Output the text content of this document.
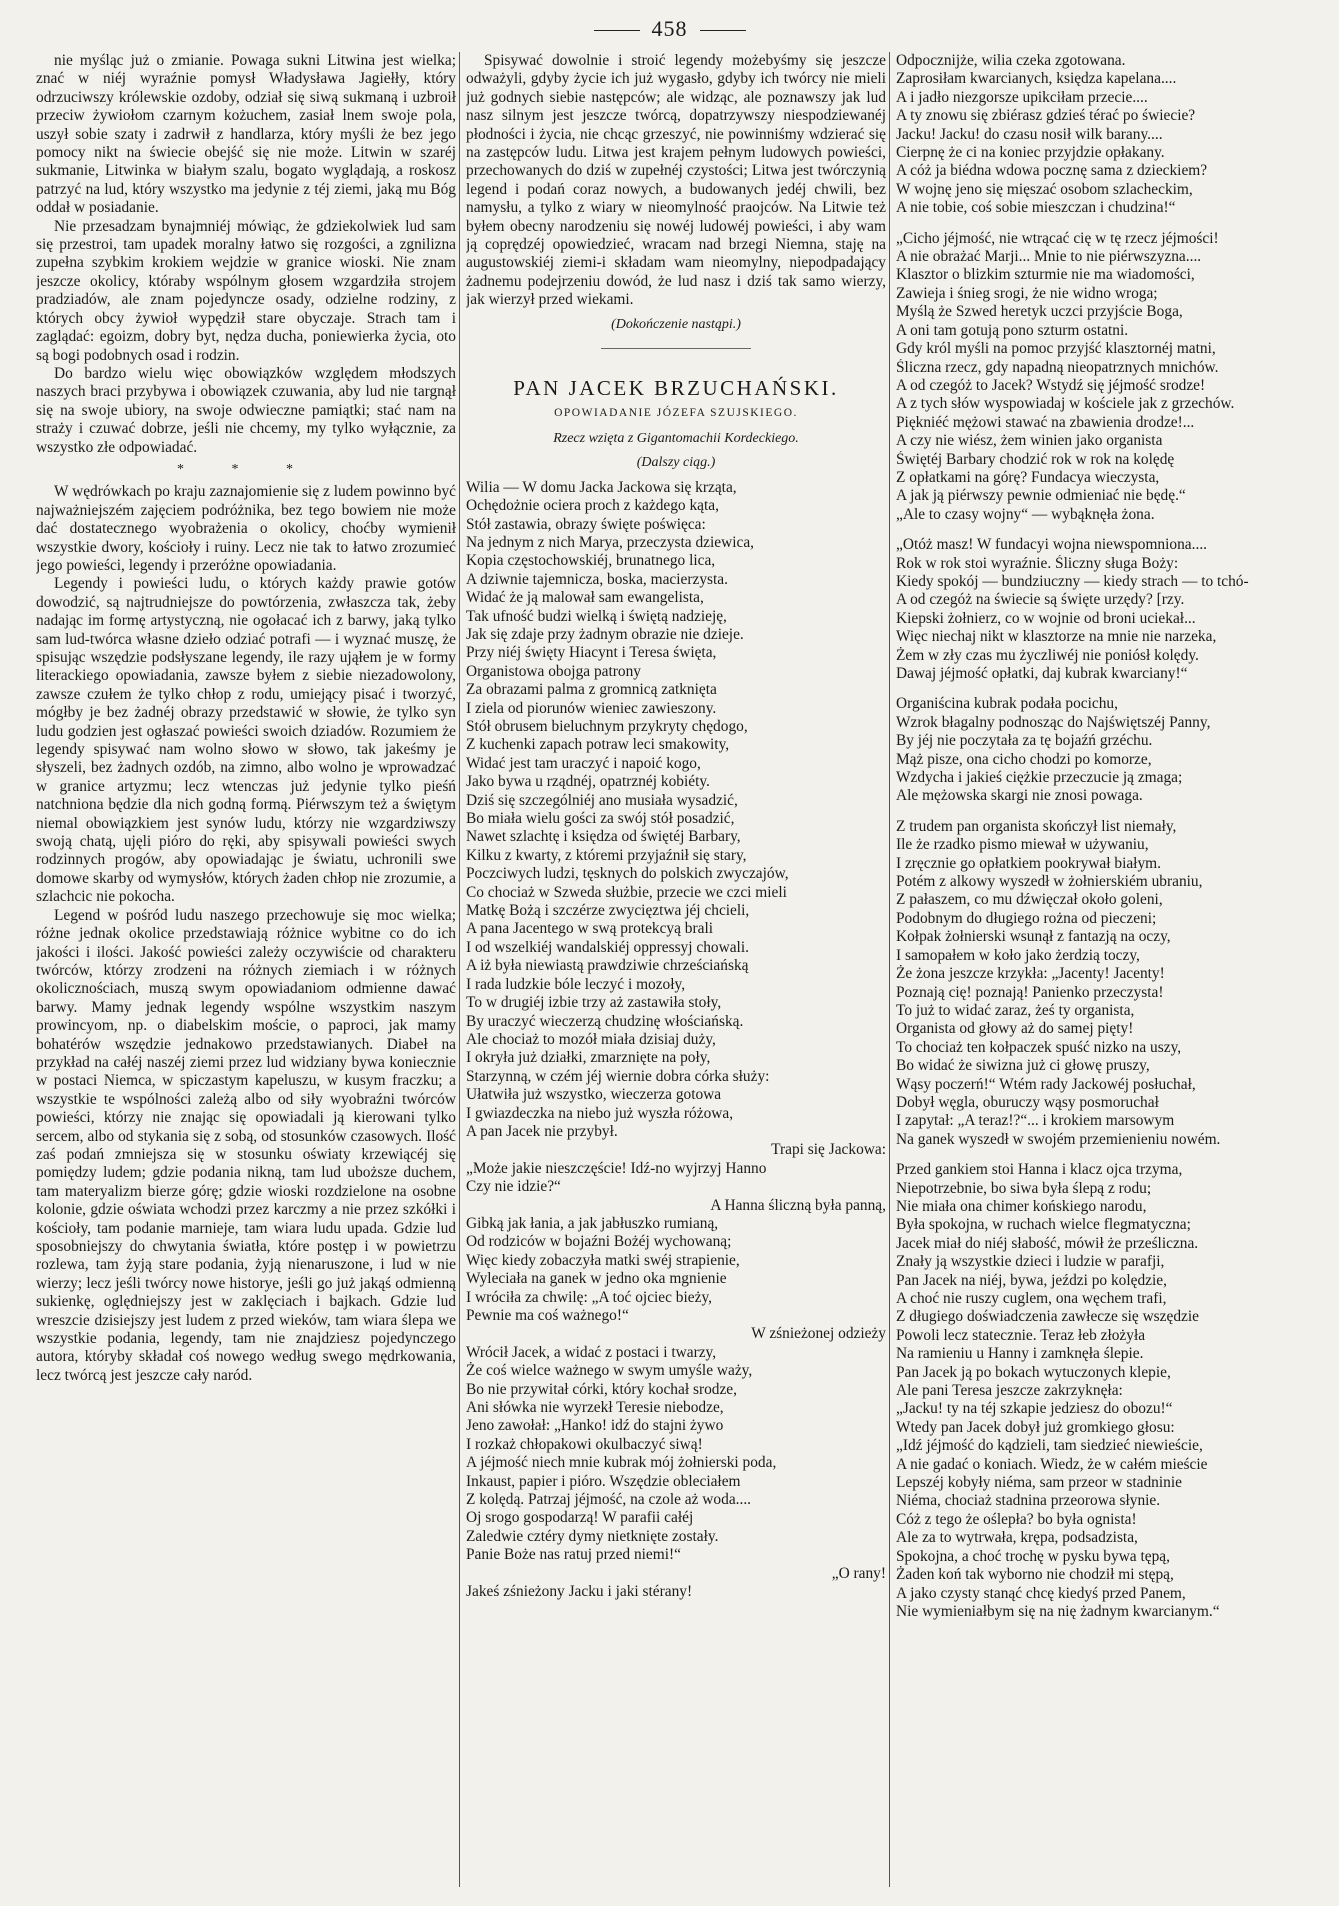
458

nie myśląc już o zmianie. Powaga sukni Litwina jest wielka; znać w niéj wyraźnie pomysł Władysława Jagiełły, który odrzuciwszy królewskie ozdoby, odział się siwą sukmaną i uzbroił przeciw żywiołom czarnym kożuchem, zasiał lnem swoje pola, uszył sobie szaty i zadrwił z handlarza, który myśli że bez jego pomocy nikt na świecie obejść się nie może. Litwin w szaréj sukmanie, Litwinka w białym szalu, bogato wyglądają, a roskosz patrzyć na lud, który wszystko ma jedynie z téj ziemi, jaką mu Bóg oddał w posiadanie.

Nie przesadzam bynajmniéj mówiąc, że gdziekolwiek lud sam się przestroi, tam upadek moralny łatwo się rozgości, a zgnilizna zupełna szybkim krokiem wejdzie w granice wioski. Nie znam jeszcze okolicy, któraby wspólnym głosem wzgardziła strojem pradziadów, ale znam pojedyncze osady, odzielne rodziny, z których obcy żywioł wypędził stare obyczaje. Strach tam i zaglądać: egoizm, dobry byt, nędza ducha, poniewierka życia, oto są bogi podobnych osad i rodzin.

Do bardzo wielu więc obowiązków względem młodszych naszych braci przybywa i obowiązek czuwania, aby lud nie targnął się na swoje ubiory, na swoje odwieczne pamiątki; stać nam na straży i czuwać dobrze, jeśli nie chcemy, my tylko wyłącznie, za wszystko złe odpowiadać.

* * *

W wędrówkach po kraju zaznajomienie się z ludem powinno być najważniejszém zajęciem podróżnika, bez tego bowiem nie może dać dostatecznego wyobrażenia o okolicy, choćby wymienił wszystkie dwory, kościoły i ruiny. Lecz nie tak to łatwo zrozumieć jego powieści, legendy i przeróżne opowiadania.

Legendy i powieści ludu, o których każdy prawie gotów dowodzić, są najtrudniejsze do powtórzenia, zwłaszcza tak, żeby nadając im formę artystyczną, nie ogołacać ich z barwy, jaką tylko sam lud-twórca własne dzieło odziać potrafi — i wyznać muszę, że spisując wszędzie podsłyszane legendy, ile razy ująłem je w formy literackiego opowiadania, zawsze byłem z siebie niezadowolony, zawsze czułem że tylko chłop z rodu, umiejący pisać i tworzyć, mógłby je bez żadnéj obrazy przedstawić w słowie, że tylko syn ludu godzien jest ogłaszać powieści swoich dziadów. Rozumiem że legendy spisywać nam wolno słowo w słowo, tak jakeśmy je słyszeli, bez żadnych ozdób, na zimno, albo wolno je wprowadzać w granice artyzmu; lecz wtenczas już jedynie tylko pieśń natchniona będzie dla nich godną formą. Piérwszym też a świętym niemal obowiązkiem jest synów ludu, którzy nie wzgardziwszy swoją chatą, ujęli pióro do ręki, aby spisywali powieści swych rodzinnych progów, aby opowiadając je światu, uchronili swe domowe skarby od wymysłów, których żaden chłop nie zrozumie, a szlachcic nie pokocha.

Legend w pośród ludu naszego przechowuje się moc wielka; różne jednak okolice przedstawiają różnice wybitne co do ich jakości i ilości. Jakość powieści zależy oczywiście od charakteru twórców, którzy zrodzeni na różnych ziemiach i w różnych okolicznościach, muszą swym opowiadaniom odmienne dawać barwy. Mamy jednak legendy wspólne wszystkim naszym prowincyom, np. o diabelskim moście, o paproci, jak mamy bohatérów wszędzie jednakowo przedstawianych. Diabeł na przykład na całéj naszéj ziemi przez lud widziany bywa koniecznie w postaci Niemca, w spiczastym kapeluszu, w kusym fraczku; a wszystkie te wspólności zależą albo od siły wyobraźni twórców powieści, którzy nie znając się opowiadali ją kierowani tylko sercem, albo od stykania się z sobą, od stosunków czasowych. Ilość zaś podań zmniejsza się w stosunku oświaty krzewiącéj się pomiędzy ludem; gdzie podania nikną, tam lud uboższe duchem, tam materyalizm bierze górę; gdzie wioski rozdzielone na osobne kolonie, gdzie oświata wchodzi przez karczmy a nie przez szkółki i kościoły, tam podanie marnieje, tam wiara ludu upada. Gdzie lud sposobniejszy do chwytania światła, które postęp i w powietrzu rozlewa, tam żyją stare podania, żyją nienaruszone, i lud w nie wierzy; lecz jeśli twórcy nowe historye, jeśli go już jakąś odmienną sukienkę, oględniejszy jest w zaklęciach i bajkach. Gdzie lud wreszcie dzisiejszy jest ludem z przed wieków, tam wiara ślepa we wszystkie podania, legendy, tam nie znajdziesz pojedynczego autora, któryby składał coś nowego według swego mędrkowania, lecz twórcą jest jeszcze cały naród.

Spisywać dowolnie i stroić legendy możebyśmy się jeszcze odważyli, gdyby życie ich już wygasło, gdyby ich twórcy nie mieli już godnych siebie następców; ale widząc, ale poznawszy jak lud nasz silnym jest jeszcze twórcą, dopatrzywszy niespodziewanéj płodności i życia, nie chcąc grzeszyć, nie powinniśmy wdzierać się na zastępców ludu. Litwa jest krajem pełnym ludowych powieści, przechowanych do dziś w zupełnéj czystości; Litwa jest twórczynią legend i podań coraz nowych, a budowanych jedéj chwili, bez namysłu, a tylko z wiary w nieomylność praojców. Na Litwie też byłem obecny narodzeniu się nowéj ludowéj powieści, i aby wam ją coprędzéj opowiedzieć, wracam nad brzegi Niemna, staję na augustowskiéj ziemi-i składam wam nieomylny, niepodpadający żadnemu podejrzeniu dowód, że lud nasz i dziś tak samo wierzy, jak wierzył przed wiekami.

(Dokończenie nastąpi.)
PAN JACEK BRZUCHAŃSKI.
OPOWIADANIE JÓZEFA SZUJSKIEGO.
Rzecz wzięta z Gigantomachii Kordeckiego.
(Dalszy ciąg.)
Wilia — W domu Jacka Jackowa się krząta,
Ochędożnie ociera proch z każdego kąta,
Stół zastawia, obrazy święte poświęca:
Na jednym z nich Marya, przeczysta dziewica,
Kopia częstochowskiéj, brunatnego lica,
A dziwnie tajemnicza, boska, macierzysta.
Widać że ją malował sam ewangelista,
Tak ufność budzi wielką i świętą nadzieję,
Jak się zdaje przy żadnym obrazie nie dzieje.
Przy niéj święty Hiacynt i Teresa święta,
Organistowa obojga patrony
Za obrazami palma z gromnicą zatknięta
I ziela od piorunów wieniec zawieszony.
Stół obrusem bieluchnym przykryty chędogo,
Z kuchenki zapach potraw leci smakowity,
Widać jest tam uraczyć i napoić kogo,
Jako bywa u rządnéj, opatrznéj kobiéty.
Dziś się szczególniéj ano musiała wysadzić,
Bo miała wielu gości za swój stół posadzić,
Nawet szlachtę i księdza od świętéj Barbary,
Kilku z kwarty, z któremi przyjaźnił się stary,
Poczciwych ludzi, tęsknych do polskich zwyczajów,
Co chociaż w Szweda służbie, przecie we czci mieli
Matkę Bożą i szczérze zwycięztwa jéj chcieli,
A pana Jacentego w swą protekcyą brali
I od wszelkiéj wandalskiéj oppressyj chowali.
A iż była niewiastą prawdziwie chrześciańską
I rada ludzkie bóle leczyć i mozoły,
To w drugiéj izbie trzy aż zastawiła stoły,
By uraczyć wieczerzą chudzinę włościańską.
Ale chociaż to mozół miała dzisiaj duży,
I okryła już działki, zmarznięte na poły,
Starzynną, w czém jéj wiernie dobra córka służy:
Ułatwiła już wszystko, wieczerza gotowa
I gwiazdeczka na niebo już wyszła różowa,
A pan Jacek nie przybył.
Trapi się Jackowa:
„Może jakie nieszczęście! Idź-no wyjrzyj Hanno
Czy nie idzie?“
A Hanna śliczną była panną,
Gibką jak łania, a jak jabłuszko rumianą,
Od rodziców w bojaźni Bożéj wychowaną;
Więc kiedy zobaczyła matki swéj strapienie,
Wyleciała na ganek w jedno oka mgnienie
I wróciła za chwilę: „A toć ojciec bieży,
Pewnie ma coś ważnego!“
W zśnieżonej odzieży
Wrócił Jacek, a widać z postaci i twarzy,
Że coś wielce ważnego w swym umyśle waży,
Bo nie przywitał córki, który kochał srodze,
Ani słówka nie wyrzekł Teresie niebodze,
Jeno zawołał: „Hanko! idź do stajni żywo
I rozkaż chłopakowi okulbaczyć siwą!
A jéjmość niech mnie kubrak mój żołnierski poda,
Inkaust, papier i pióro. Wszędzie obleciałem
Z kolędą. Patrzaj jéjmość, na czole aż woda....
Oj srogo gospodarzą! W parafii całéj
Zaledwie cztéry dymy nietknięte zostały.
Panie Boże nas ratuj przed niemi!“
„O rany!
Jakeś zśnieżony Jacku i jaki stérany!
Odpocznijże, wilia czeka zgotowana.
Zaprosiłam kwarcianych, księdza kapelana....
A i jadło niezgorsze upikciłam przecie....
A ty znowu się zbiérasz gdzieś térać po świecie?
Jacku! Jacku! do czasu nosił wilk barany....
Cierpnę że ci na koniec przyjdzie opłakany.
A cóż ja biédna wdowa pocznę sama z dzieckiem?
W wojnę jeno się mięszać osobom szlacheckim,
A nie tobie, coś sobie mieszczan i chudzina!“
„Cicho jéjmość, nie wtrącać cię w tę rzecz jéjmości!
A nie obrażać Marji... Mnie to nie piérwszyzna....
Klasztor o blizkim szturmie nie ma wiadomości,
Zawieja i śnieg srogi, że nie widno wroga;
Myślą że Szwed heretyk uczci przyjście Boga,
A oni tam gotują pono szturm ostatni.
Gdy król myśli na pomoc przyjść klasztornéj matni,
Śliczna rzecz, gdy napadną nieopatrznych mnichów.
A od czegóż to Jacek? Wstydź się jéjmość srodze!
A z tych słów wyspowiadaj w kościele jak z grzechów.
Piękniéć mężowi stawać na zbawienia drodze!...
A czy nie wiész, żem winien jako organista
Świętéj Barbary chodzić rok w rok na kolędę
Z opłatkami na górę? Fundacya wieczysta,
A jak ją piérwszy pewnie odmieniać nie będę.“
„Ale to czasy wojny“ — wybąknęła żona.
„Otóż masz! W fundacyi wojna niewspomniona....
Rok w rok stoi wyraźnie. Śliczny sługa Boży:
Kiedy spokój — bundziuczny — kiedy strach — to tchó-
A od czegóż na świecie są święte urzędy? [rzy.
Kiepski żołnierz, co w wojnie od broni uciekał...
Więc niechaj nikt w klasztorze na mnie nie narzeka,
Żem w zły czas mu życzliwéj nie poniósł kolędy.
Dawaj jéjmość opłatki, daj kubrak kwarciany!“
Organiścina kubrak podała pocichu,
Wzrok błagalny podnosząc do Najświętszéj Panny,
By jéj nie poczytała za tę bojaźń grzéchu.
Mąż pisze, ona cicho chodzi po komorze,
Wzdycha i jakieś ciężkie przeczucie ją zmaga;
Ale mężowska skargi nie znosi powaga.
Z trudem pan organista skończył list niemały,
Ile że rzadko pismo miewał w używaniu,
I zręcznie go opłatkiem pookrywał białym.
Potém z alkowy wyszedł w żołnierskiém ubraniu,
Z pałaszem, co mu dźwięczał około goleni,
Podobnym do długiego rożna od pieczeni;
Kołpak żołnierski wsunął z fantazją na oczy,
I samopałem w koło jako żerdzią toczy,
Że żona jeszcze krzykła: „Jacenty! Jacenty!
Poznają cię! poznają! Panienko przeczysta!
To już to widać zaraz, żeś ty organista,
Organista od głowy aż do samej pięty!
To chociaż ten kołpaczek spuść nizko na uszy,
Bo widać że siwizna już ci głowę pruszy,
Wąsy poczerń!“ Wtém rady Jackowéj posłuchał,
Dobył węgla, oburuczy wąsy posmoruchał
I zapytał: „A teraz!?“... i krokiem marsowym
Na ganek wyszedł w swojém przemienieniu nowém.
Przed gankiem stoi Hanna i klacz ojca trzyma,
Niepotrzebnie, bo siwa była ślepą z rodu;
Nie miała ona chimer końskiego narodu,
Była spokojna, w ruchach wielce flegmatyczna;
Jacek miał do niéj słabość, mówił że prześliczna.
Znały ją wszystkie dzieci i ludzie w parafji,
Pan Jacek na niéj, bywa, jeździ po kolędzie,
A choć nie ruszy cuglem, ona węchem trafi,
Z długiego doświadczenia zawłecze się wszędzie
Powoli lecz statecznie. Teraz łeb złożyła
Na ramieniu u Hanny i zamknęła ślepie.
Pan Jacek ją po bokach wytuczonych klepie,
Ale pani Teresa jeszcze zakrzyknęła:
„Jacku! ty na téj szkapie jedziesz do obozu!“
Wtedy pan Jacek dobył już gromkiego głosu:
„Idź jéjmość do kądzieli, tam siedzieć niewieście,
A nie gadać o koniach. Wiedz, że w całém mieście
Lepszéj kobyły niéma, sam przeor w stadninie
Niéma, chociaż stadnina przeorowa słynie.
Cóż z tego że oślepła? bo była ognista!
Ale za to wytrwała, krępa, podsadzista,
Spokojna, a choć trochę w pysku bywa tępą,
Żaden koń tak wyborno nie chodził mi stępą,
A jako czysty stanąć chcę kiedyś przed Panem,
Nie wymieniałbym się na nię żadnym kwarcianym.“
